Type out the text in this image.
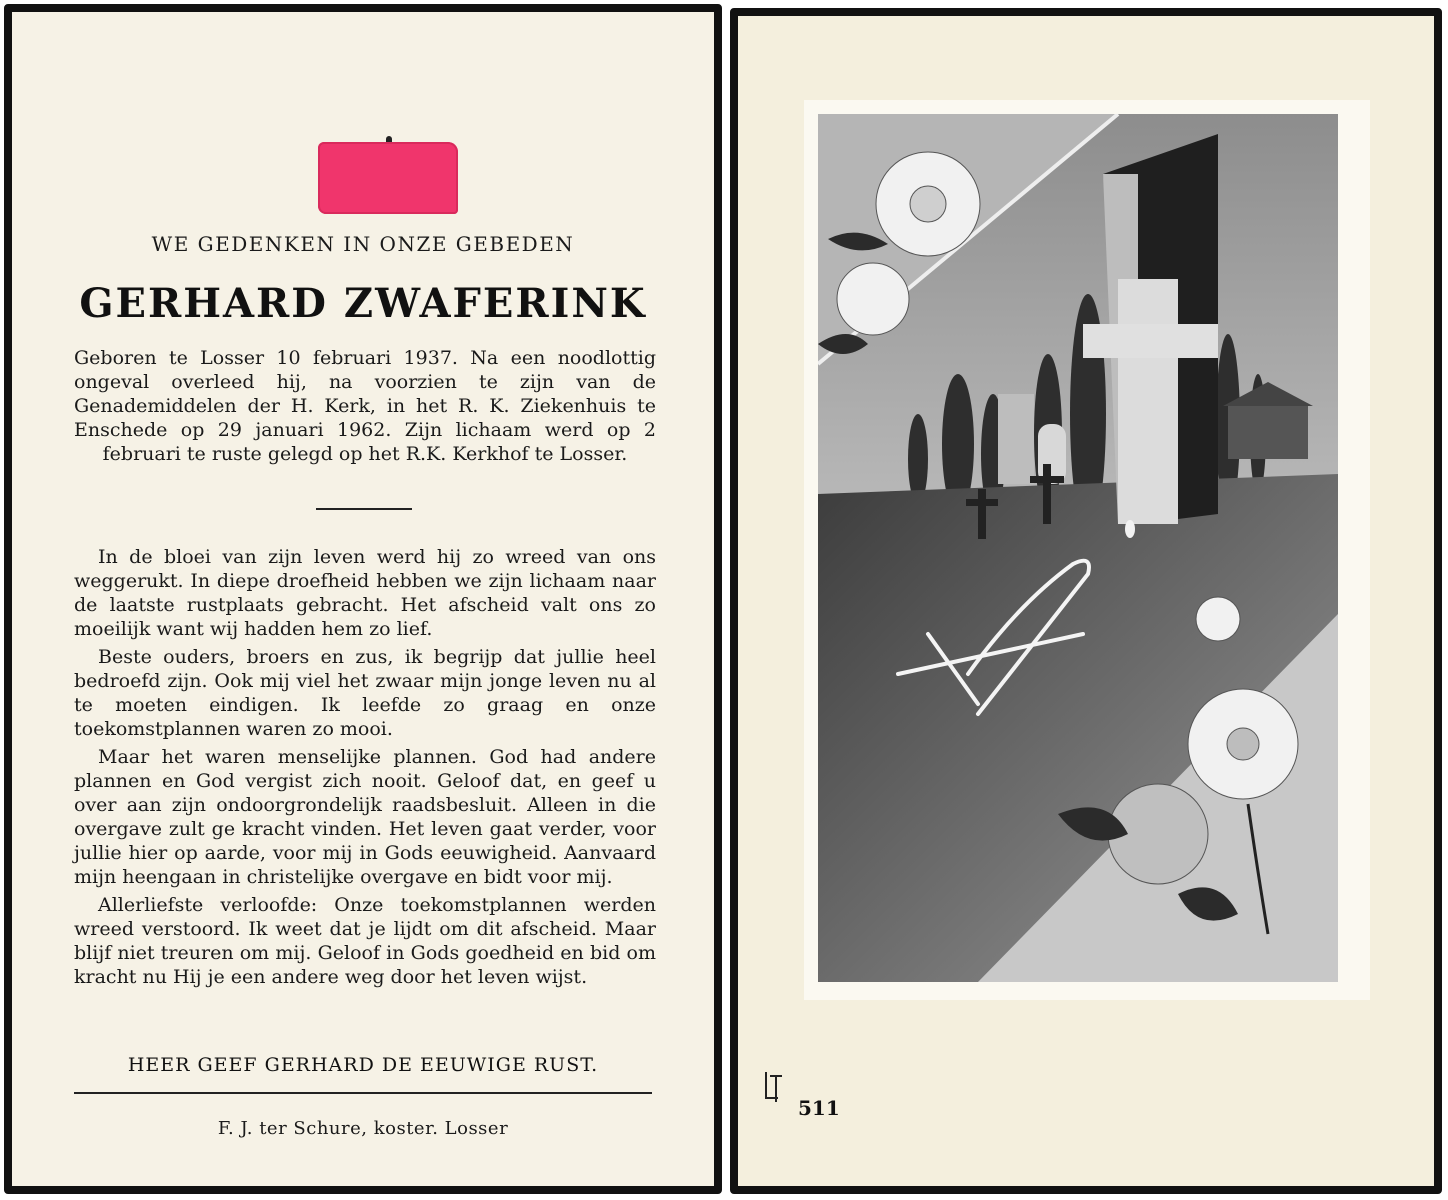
WE GEDENKEN IN ONZE GEBEDEN
GERHARD ZWAFERINK
Geboren te Losser 10 februari 1937. Na een noodlottig ongeval overleed hij, na voorzien te zijn van de Genademiddelen der H. Kerk, in het R. K. Ziekenhuis te Enschede op 29 januari 1962. Zijn lichaam werd op 2 februari te ruste gelegd op het R.K. Kerkhof te Losser.

In de bloei van zijn leven werd hij zo wreed van ons weggerukt. In diepe droefheid hebben we zijn lichaam naar de laatste rustplaats gebracht. Het afscheid valt ons zo moeilijk want wij hadden hem zo lief.

Beste ouders, broers en zus, ik begrijp dat jullie heel bedroefd zijn. Ook mij viel het zwaar mijn jonge leven nu al te moeten eindigen. Ik leefde zo graag en onze toekomstplannen waren zo mooi.

Maar het waren menselijke plannen. God had andere plannen en God vergist zich nooit. Geloof dat, en geef u over aan zijn ondoorgrondelijk raadsbesluit. Alleen in die overgave zult ge kracht vinden. Het leven gaat verder, voor jullie hier op aarde, voor mij in Gods eeuwigheid. Aanvaard mijn heengaan in christelijke overgave en bidt voor mij.

Allerliefste verloofde: Onze toekomstplannen werden wreed verstoord. Ik weet dat je lijdt om dit afscheid. Maar blijf niet treuren om mij. Geloof in Gods goedheid en bid om kracht nu Hij je een andere weg door het leven wijst.

HEER GEEF GERHARD DE EEUWIGE RUST.
F. J. ter Schure, koster. Losser
511
